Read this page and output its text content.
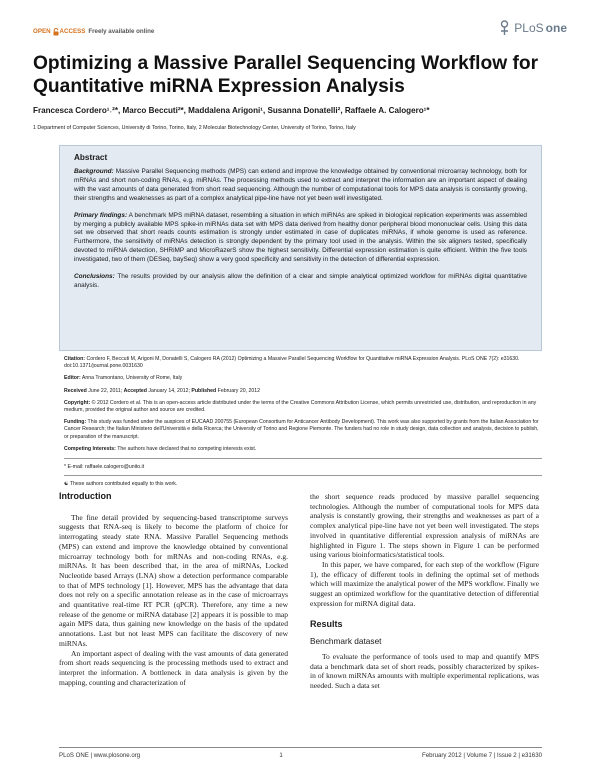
OPEN ACCESS Freely available online	PLoS one
Optimizing a Massive Parallel Sequencing Workflow for Quantitative miRNA Expression Analysis
Francesca Cordero¹˒²*, Marco Beccuti²*, Maddalena Arigoni¹, Susanna Donatelli², Raffaele A. Calogero¹*
1 Department of Computer Sciences, University di Torino, Torino, Italy, 2 Molecular Biotechnology Center, University of Torino, Torino, Italy
Abstract

Background: Massive Parallel Sequencing methods (MPS) can extend and improve the knowledge obtained by conventional microarray technology, both for mRNAs and short non-coding RNAs, e.g. miRNAs. The processing methods used to extract and interpret the information are an important aspect of dealing with the vast amounts of data generated from short read sequencing. Although the number of computational tools for MPS data analysis is constantly growing, their strengths and weaknesses as part of a complex analytical pipe-line have not yet been well investigated.

Primary findings: A benchmark MPS miRNA dataset, resembling a situation in which miRNAs are spiked in biological replication experiments was assembled by merging a publicly available MPS spike-in miRNAs data set with MPS data derived from healthy donor peripheral blood mononuclear cells. Using this data set we observed that short reads counts estimation is strongly under estimated in case of duplicates miRNAs, if whole genome is used as reference. Furthermore, the sensitivity of miRNAs detection is strongly dependent by the primary tool used in the analysis. Within the six aligners tested, specifically devoted to miRNA detection, SHRiMP and MicroRazerS show the highest sensitivity. Differential expression estimation is quite efficient. Within the five tools investigated, two of them (DESeq, baySeq) show a very good specificity and sensitivity in the detection of differential expression.

Conclusions: The results provided by our analysis allow the definition of a clear and simple analytical optimized workflow for miRNAs digital quantitative analysis.

Citation: Cordero F, Beccuti M, Arigoni M, Donatelli S, Calogero RA (2012) Optimizing a Massive Parallel Sequencing Workflow for Quantitative miRNA Expression Analysis. PLoS ONE 7(2): e31630. doi:10.1371/journal.pone.0031630
Editor: Anna Tramontano, University of Rome, Italy
Received June 22, 2011; Accepted January 14, 2012; Published February 20, 2012
Copyright: © 2012 Cordero et al. This is an open-access article distributed under the terms of the Creative Commons Attribution License, which permits unrestricted use, distribution, and reproduction in any medium, provided the original author and source are credited.
Funding: This study was funded under the auspices of EUCAAD 200755 (European Consortium for Anticancer Antibody Development). This work was also supported by grants from the Italian Association for Cancer Research; the Italian Ministero dell'Università e della Ricerca; the University of Torino and Regione Piemonte. The funders had no role in study design, data collection and analysis, decision to publish, or preparation of the manuscript.
Competing Interests: The authors have declared that no competing interests exist.
* E-mail: raffaele.calogero@unito.it
☯ These authors contributed equally to this work.
Introduction

The fine detail provided by sequencing-based transcriptome surveys suggests that RNA-seq is likely to become the platform of choice for interrogating steady state RNA. Massive Parallel Sequencing methods (MPS) can extend and improve the knowledge obtained by conventional microarray technology both for mRNAs and non-coding RNAs, e.g. miRNAs. It has been described that, in the area of miRNAs, Locked Nucleotide based Arrays (LNA) show a detection performance comparable to that of MPS technology [1]. However, MPS has the advantage that data does not rely on a specific annotation release as in the case of microarrays and quantitative real-time RT PCR (qPCR). Therefore, any time a new release of the genome or miRNA database [2] appears it is possible to map again MPS data, thus gaining new knowledge on the basis of the updated annotations. Last but not least MPS can facilitate the discovery of new miRNAs.

An important aspect of dealing with the vast amounts of data generated from short reads sequencing is the processing methods used to extract and interpret the information. A bottleneck in data analysis is given by the mapping, counting and characterization of

the short sequence reads produced by massive parallel sequencing technologies. Although the number of computational tools for MPS data analysis is constantly growing, their strengths and weaknesses as part of a complex analytical pipe-line have not yet been well investigated. The steps involved in quantitative differential expression analysis of miRNAs are highlighted in Figure 1. The steps shown in Figure 1 can be performed using various bioinformatics/statistical tools.

In this paper, we have compared, for each step of the workflow (Figure 1), the efficacy of different tools in defining the optimal set of methods which will maximize the analytical power of the MPS workflow. Finally we suggest an optimized workflow for the quantitative detection of differential expression for miRNA digital data.

Results
Benchmark dataset

To evaluate the performance of tools used to map and quantify MPS data a benchmark data set of short reads, possibly characterized by spikes-in of known miRNAs amounts with multiple experimental replications, was needed. Such a data set

PLoS ONE | www.plosone.org	1	February 2012 | Volume 7 | Issue 2 | e31630
